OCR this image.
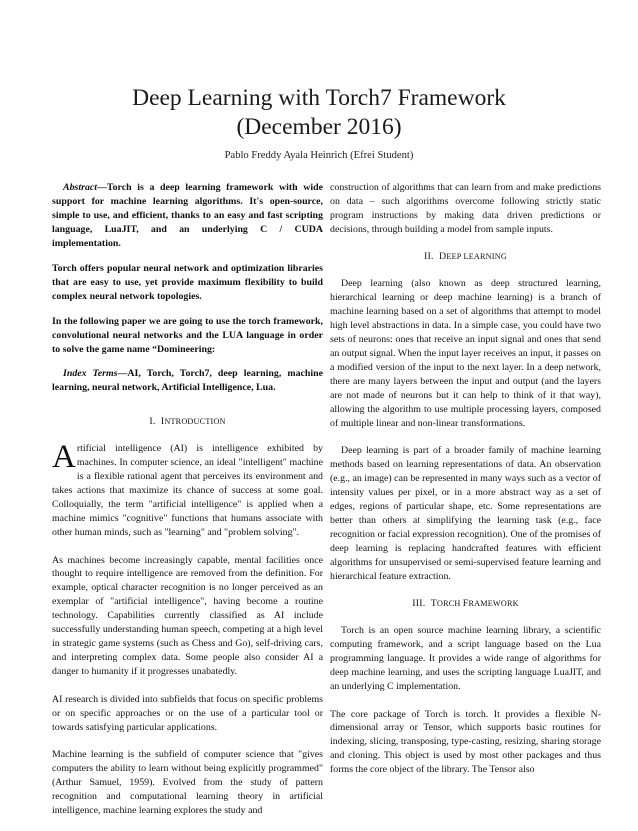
Deep Learning with Torch7 Framework
(December 2016)
Pablo Freddy Ayala Heinrich (Efrei Student)

Abstract—Torch is a deep learning framework with wide support for machine learning algorithms. It's open-source, simple to use, and efficient, thanks to an easy and fast scripting language, LuaJIT, and an underlying C / CUDA implementation.

Torch offers popular neural network and optimization libraries that are easy to use, yet provide maximum flexibility to build complex neural network topologies.

In the following paper we are going to use the torch framework, convolutional neural networks and the LUA language in order to solve the game name “Domineering:

Index Terms—AI, Torch, Torch7, deep learning, machine learning, neural network, Artificial Intelligence, Lua.

I. INTRODUCTION

Artificial intelligence (AI) is intelligence exhibited by machines. In computer science, an ideal "intelligent" machine is a flexible rational agent that perceives its environment and takes actions that maximize its chance of success at some goal. Colloquially, the term "artificial intelligence" is applied when a machine mimics "cognitive" functions that humans associate with other human minds, such as "learning" and "problem solving".

As machines become increasingly capable, mental facilities once thought to require intelligence are removed from the definition. For example, optical character recognition is no longer perceived as an exemplar of "artificial intelligence", having become a routine technology. Capabilities currently classified as AI include successfully understanding human speech, competing at a high level in strategic game systems (such as Chess and Go), self-driving cars, and interpreting complex data. Some people also consider AI a danger to humanity if it progresses unabatedly.

AI research is divided into subfields that focus on specific problems or on specific approaches or on the use of a particular tool or towards satisfying particular applications.

Machine learning is the subfield of computer science that "gives computers the ability to learn without being explicitly programmed" (Arthur Samuel, 1959). Evolved from the study of pattern recognition and computational learning theory in artificial intelligence, machine learning explores the study and

construction of algorithms that can learn from and make predictions on data – such algorithms overcome following strictly static program instructions by making data driven predictions or decisions, through building a model from sample inputs.

II. DEEP LEARNING

Deep learning (also known as deep structured learning, hierarchical learning or deep machine learning) is a branch of machine learning based on a set of algorithms that attempt to model high level abstractions in data. In a simple case, you could have two sets of neurons: ones that receive an input signal and ones that send an output signal. When the input layer receives an input, it passes on a modified version of the input to the next layer. In a deep network, there are many layers between the input and output (and the layers are not made of neurons but it can help to think of it that way), allowing the algorithm to use multiple processing layers, composed of multiple linear and non-linear transformations.

Deep learning is part of a broader family of machine learning methods based on learning representations of data. An observation (e.g., an image) can be represented in many ways such as a vector of intensity values per pixel, or in a more abstract way as a set of edges, regions of particular shape, etc. Some representations are better than others at simplifying the learning task (e.g., face recognition or facial expression recognition). One of the promises of deep learning is replacing handcrafted features with efficient algorithms for unsupervised or semi-supervised feature learning and hierarchical feature extraction.

III. TORCH FRAMEWORK

Torch is an open source machine learning library, a scientific computing framework, and a script language based on the Lua programming language. It provides a wide range of algorithms for deep machine learning, and uses the scripting language LuaJIT, and an underlying C implementation.

The core package of Torch is torch. It provides a flexible N-dimensional array or Tensor, which supports basic routines for indexing, slicing, transposing, type-casting, resizing, sharing storage and cloning. This object is used by most other packages and thus forms the core object of the library. The Tensor also
